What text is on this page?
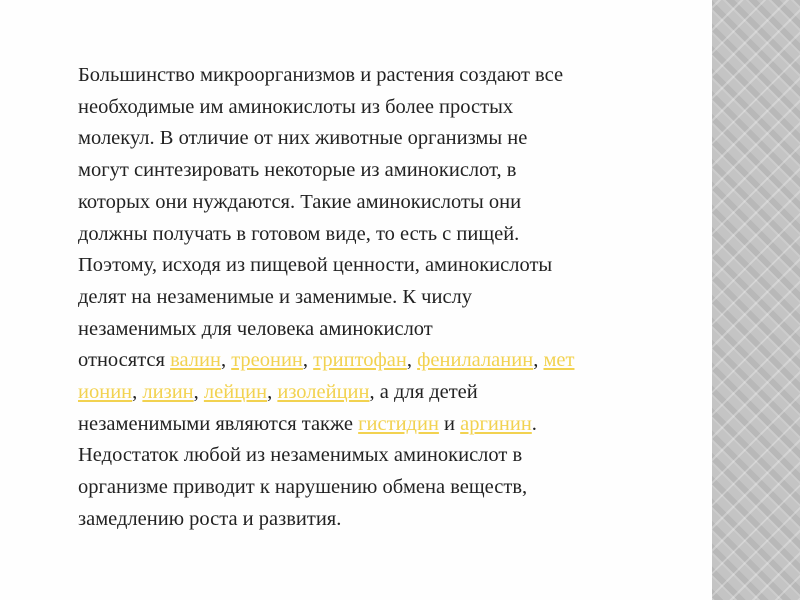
Большинство микроорганизмов и растения создают все
необходимые им аминокислоты из более простых
молекул. В отличие от них животные организмы не
могут синтезировать некоторые из аминокислот, в
которых они нуждаются. Такие аминокислоты они
должны получать в готовом виде, то есть с пищей.
Поэтому, исходя из пищевой ценности, аминокислоты
делят на незаменимые и заменимые. К числу
незаменимых для человека аминокислот
относятся валин, треонин, триптофан, фенилаланин, мет
ионин, лизин, лейцин, изолейцин, а для детей
незаменимыми являются также гистидин и аргинин.
Недостаток любой из незаменимых аминокислот в
организме приводит к нарушению обмена веществ,
замедлению роста и развития.
